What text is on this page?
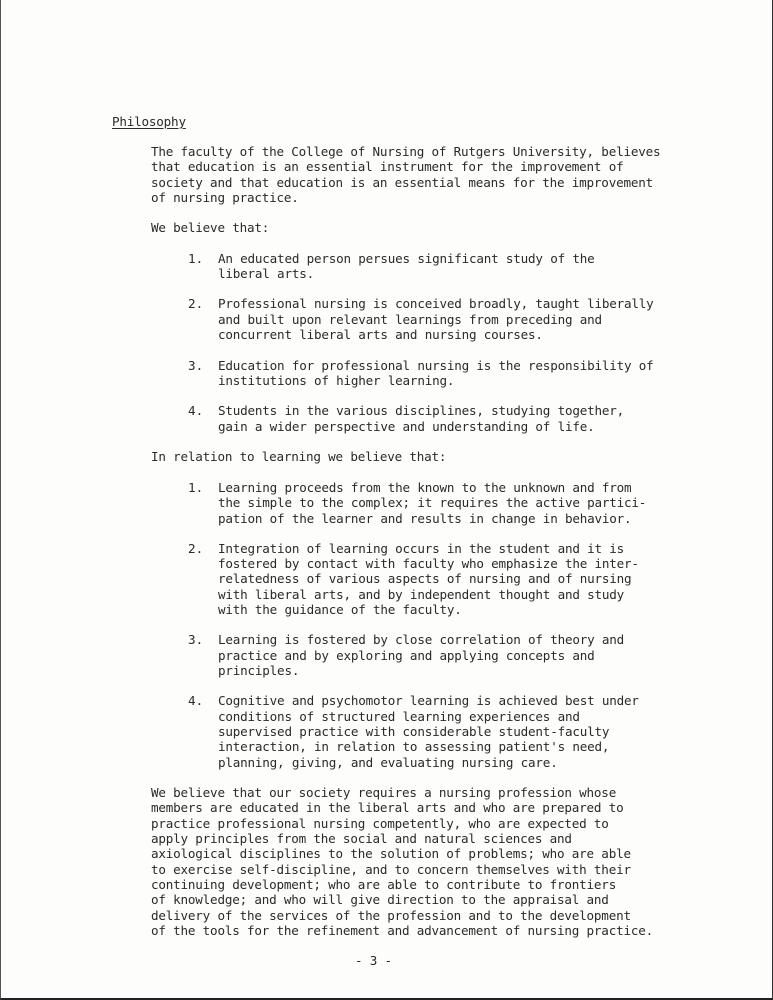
Philosophy
The faculty of the College of Nursing of Rutgers University, believes
that education is an essential instrument for the improvement of
society and that education is an essential means for the improvement
of nursing practice.
We believe that:
1. An educated person persues significant study of the
liberal arts.
2. Professional nursing is conceived broadly, taught liberally
and built upon relevant learnings from preceding and
concurrent liberal arts and nursing courses.
3. Education for professional nursing is the responsibility of
institutions of higher learning.
4. Students in the various disciplines, studying together,
gain a wider perspective and understanding of life.
In relation to learning we believe that:
1. Learning proceeds from the known to the unknown and from
the simple to the complex; it requires the active partici-
pation of the learner and results in change in behavior.
2. Integration of learning occurs in the student and it is
fostered by contact with faculty who emphasize the inter-
relatedness of various aspects of nursing and of nursing
with liberal arts, and by independent thought and study
with the guidance of the faculty.
3. Learning is fostered by close correlation of theory and
practice and by exploring and applying concepts and
principles.
4. Cognitive and psychomotor learning is achieved best under
conditions of structured learning experiences and
supervised practice with considerable student-faculty
interaction, in relation to assessing patient's need,
planning, giving, and evaluating nursing care.
We believe that our society requires a nursing profession whose
members are educated in the liberal arts and who are prepared to
practice professional nursing competently, who are expected to
apply principles from the social and natural sciences and
axiological disciplines to the solution of problems; who are able
to exercise self-discipline, and to concern themselves with their
continuing development; who are able to contribute to frontiers
of knowledge; and who will give direction to the appraisal and
delivery of the services of the profession and to the development
of the tools for the refinement and advancement of nursing practice.
- 3 -
